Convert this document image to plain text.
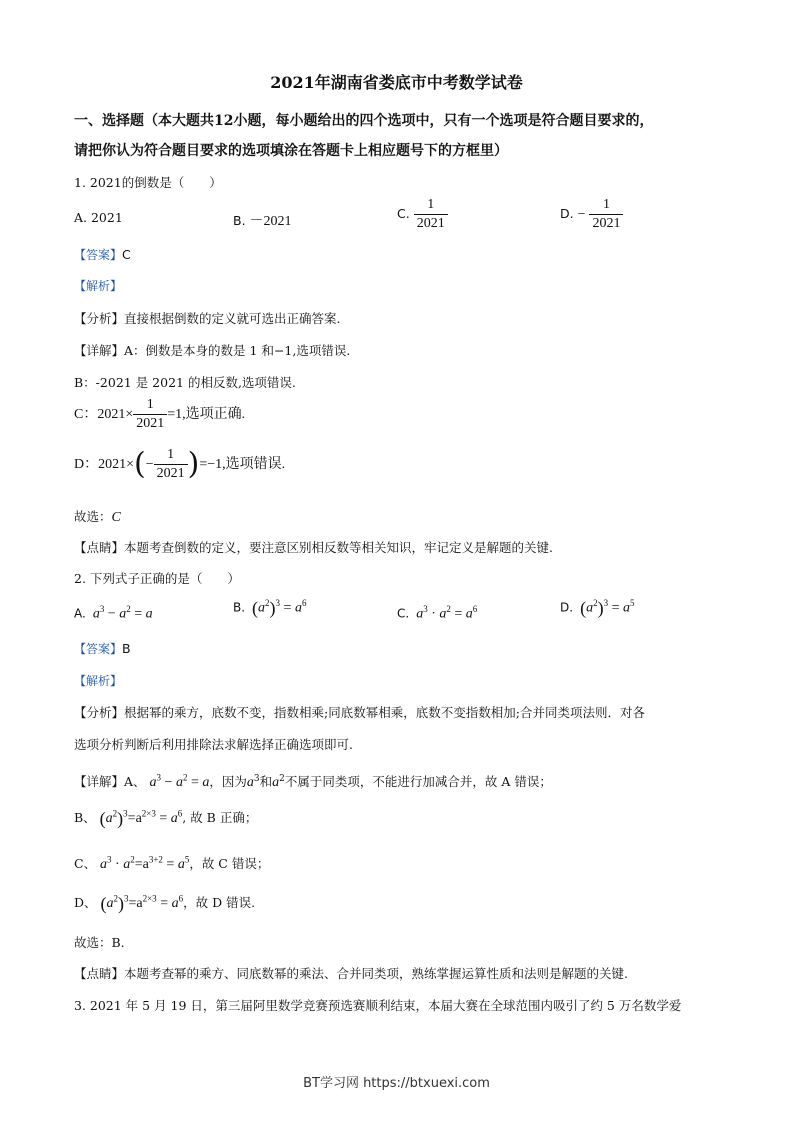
2021年湖南省娄底市中考数学试卷
一、选择题（本大题共12小题，每小题给出的四个选项中，只有一个选项是符合题目要求的，
请把你认为符合题目要求的选项填涂在答题卡上相应题号下的方框里）
1. 2021的倒数是（　　）
A. 2021	B. －2021
C. $\frac{1}{2021}$	D. − $\frac{1}{2021}$
【答案】C
【解析】
【分析】直接根据倒数的定义就可选出正确答案.
【详解】A：倒数是本身的数是 1 和−1,选项错误.
B：-2021 是 2021 的相反数,选项错误.
C：$2021\times \frac{1}{2021} =1$,选项正确.
D：$2021\times(- \frac{1}{2021} )=-1$,选项错误.
故选：C
【点睛】本题考查倒数的定义，要注意区别相反数等相关知识，牢记定义是解题的关键.
2. 下列式子正确的是（　　）
A. $a^3 - a^2 = a$	B. $(a^2)^3 = a^6$
C. $a^3 \cdot a^2 = a^6$	D. $(a^2)^3 = a^5$
【答案】B
【解析】
【分析】根据幂的乘方，底数不变，指数相乘;同底数幂相乘，底数不变指数相加;合并同类项法则．对各
选项分析判断后利用排除法求解选择正确选项即可.
【详解】A、 $a^3 - a^2 = a$，因为$a^3$和$a^2$不属于同类项，不能进行加减合并，故 A 错误；
B、 $(a^2)^3=a^{2\times 3} = a^6$, 故 B 正确；
C、 $a^3 \cdot a^2=a^{3+2} = a^5$，故 C 错误；
D、 $(a^2)^3=a^{2\times 3} = a^6$，故 D 错误.
故选：B.
【点睛】本题考查幂的乘方、同底数幂的乘法、合并同类项，熟练掌握运算性质和法则是解题的关键.
3. 2021 年 5 月 19 日，第三届阿里数学竞赛预选赛顺利结束，本届大赛在全球范围内吸引了约 5 万名数学爱
BT学习网 https://btxuexi.com
